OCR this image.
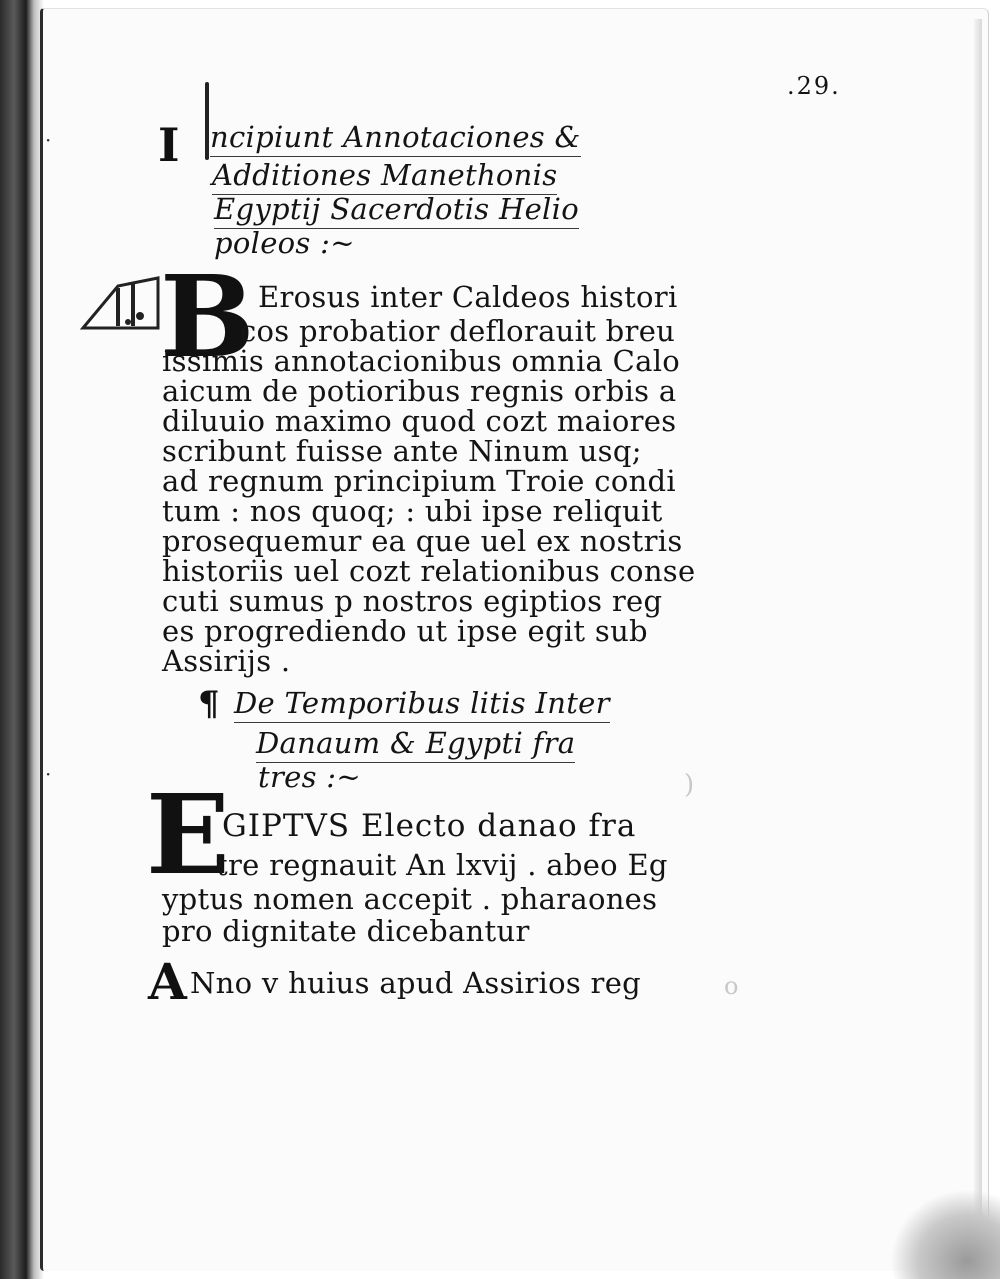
.29.
I ncipiunt Annotaciones &
Additiones Manethonis
Egyptij Sacerdotis Helio
poleos :~
B Erosus inter Caldeos histori
cos probatior deflorauit breu
issimis annotacionibus omnia Calo
aicum de potioribus regnis orbis a
diluuio maximo quod cozt maiores
scribunt fuisse ante Ninum usq;
ad regnum principium Troie condi
tum : nos quoq; : ubi ipse reliquit
prosequemur ea que uel ex nostris
historiis uel cozt relationibus conse
cuti sumus p nostros egiptios reg
es progrediendo ut ipse egit sub
Assirijs .
¶ De Temporibus litis Inter
Danaum & Egypti fra
tres :~
E
GIPTVS Electo danao fra
tre regnauit An lxvij . abeo Eg
yptus nomen accepit . pharaones
pro dignitate dicebantur
A Nno v huius apud Assirios reg
·
·	)
o
